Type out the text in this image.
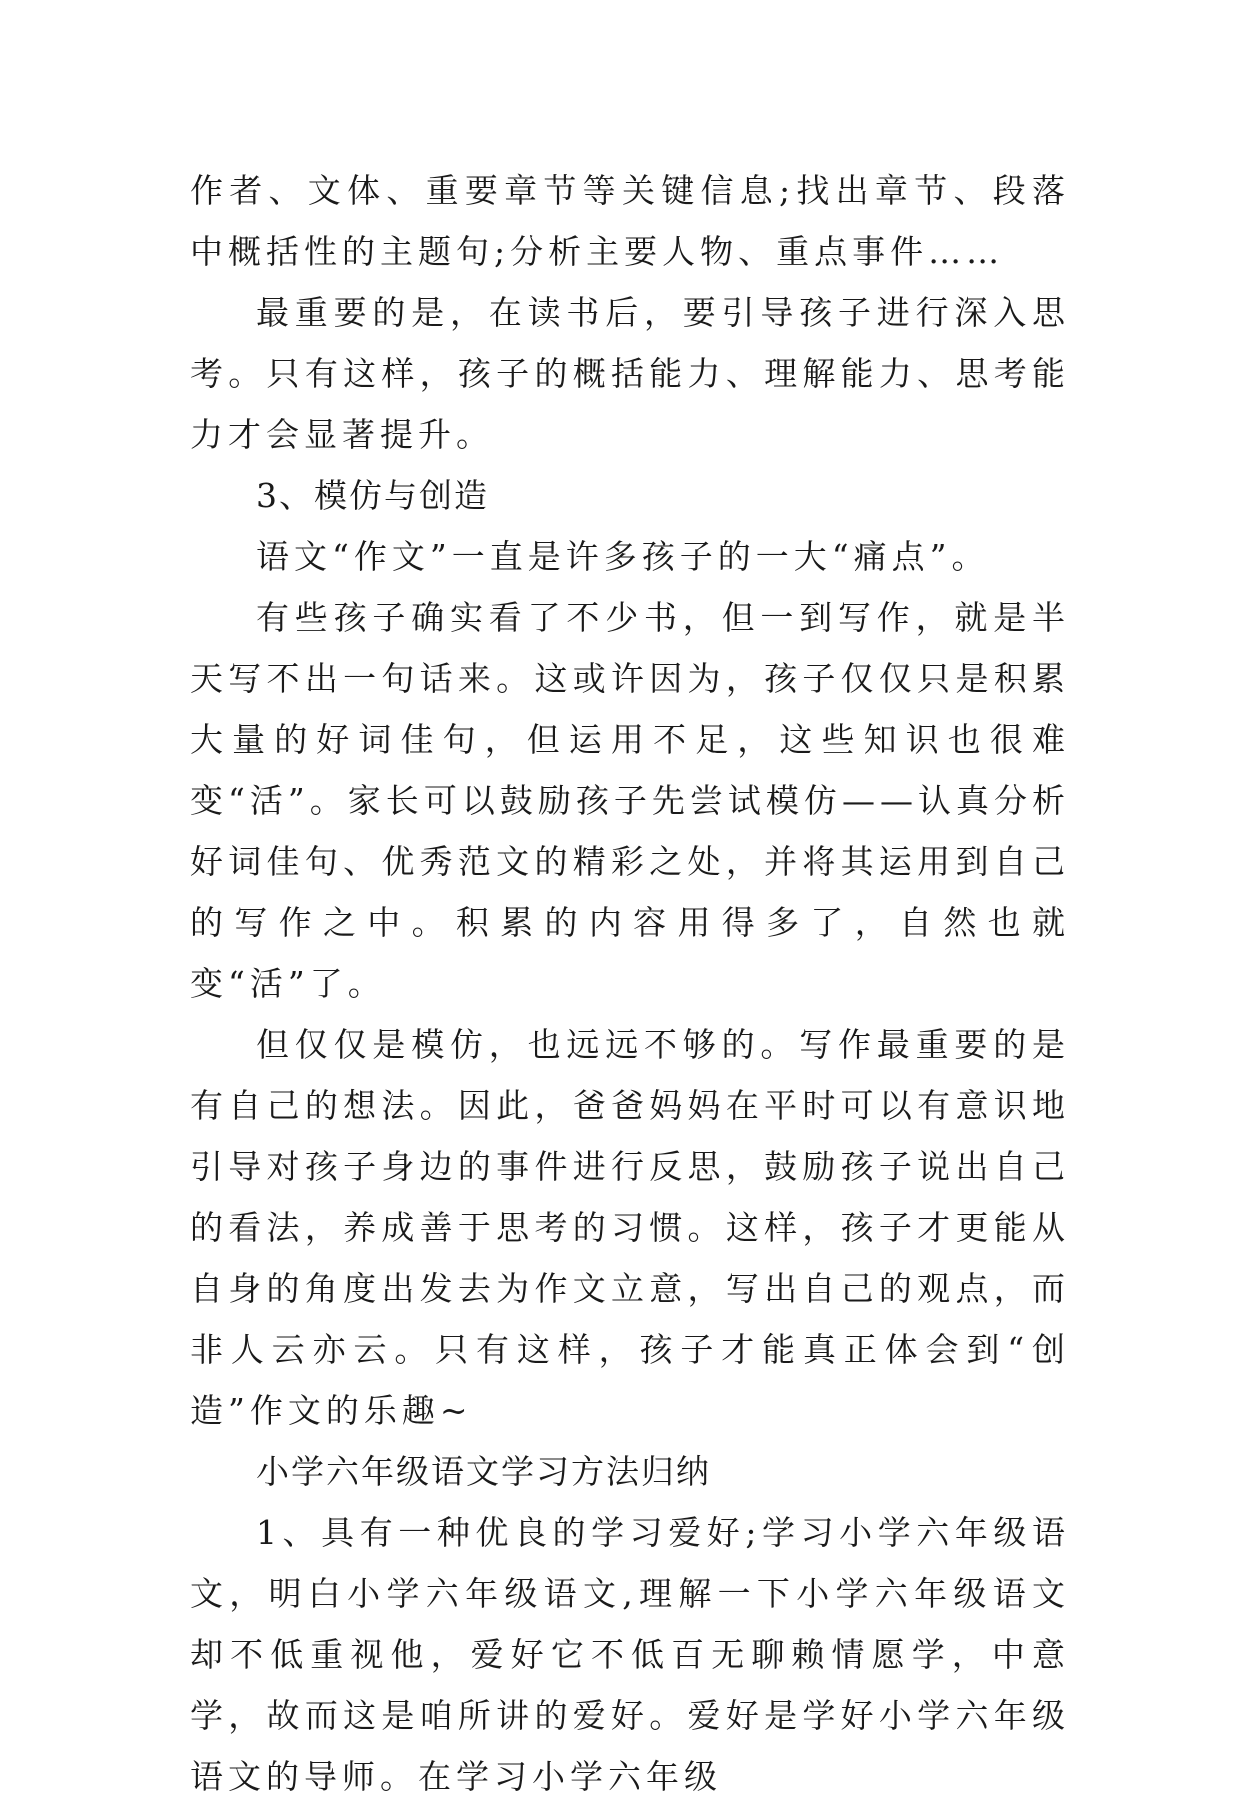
作者、文体、重要章节等关键信息;找出章节、段落中概括性的主题句;分析主要人物、重点事件……

最重要的是，在读书后，要引导孩子进行深入思考。只有这样，孩子的概括能力、理解能力、思考能力才会显著提升。

3、模仿与创造

语文“作文”一直是许多孩子的一大“痛点”。

有些孩子确实看了不少书，但一到写作，就是半天写不出一句话来。这或许因为，孩子仅仅只是积累大量的好词佳句，但运用不足，这些知识也很难变“活”。家长可以鼓励孩子先尝试模仿——认真分析好词佳句、优秀范文的精彩之处，并将其运用到自己的写作之中。积累的内容用得多了，自然也就变“活”了。

但仅仅是模仿，也远远不够的。写作最重要的是有自己的想法。因此，爸爸妈妈在平时可以有意识地引导对孩子身边的事件进行反思，鼓励孩子说出自己的看法，养成善于思考的习惯。这样，孩子才更能从自身的角度出发去为作文立意，写出自己的观点，而非人云亦云。只有这样，孩子才能真正体会到“创造”作文的乐趣~

小学六年级语文学习方法归纳

1、具有一种优良的学习爱好;学习小学六年级语文，明白小学六年级语文,理解一下小学六年级语文却不低重视他，爱好它不低百无聊赖情愿学，中意学，故而这是咱所讲的爱好。爱好是学好小学六年级语文的导师。在学习小学六年级
